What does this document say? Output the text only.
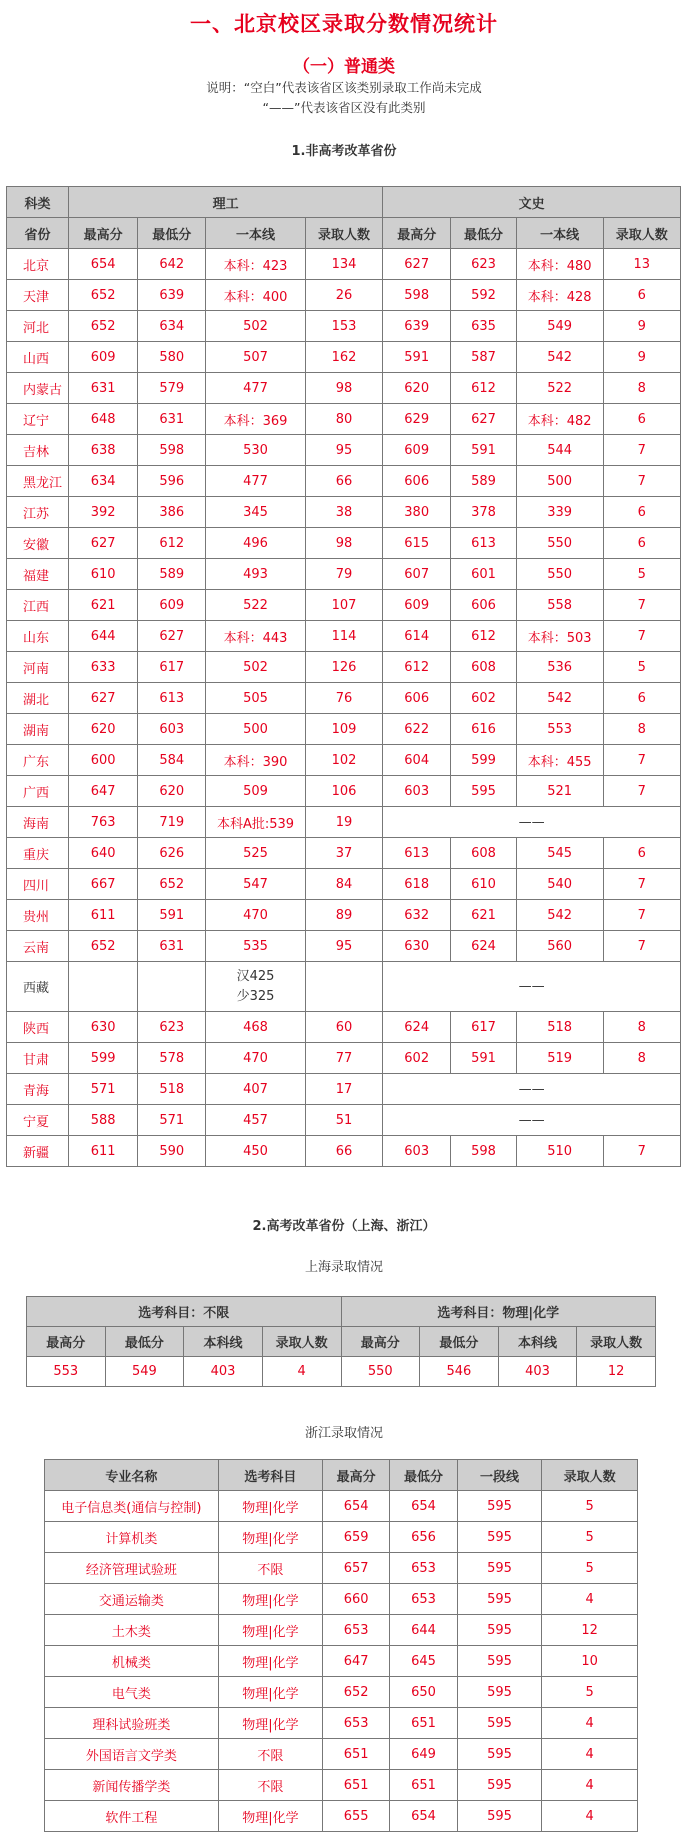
一、北京校区录取分数情况统计
（一）普通类
说明：“空白”代表该省区该类别录取工作尚未完成
“——”代表该省区没有此类别
1.非高考改革省份
科类	理工				文史			
省份	最高分	最低分	一本线	录取人数	最高分	最低分	一本线	录取人数
北京	654	642	本科：423	134	627	623	本科：480	13
天津	652	639	本科：400	26	598	592	本科：428	6
河北	652	634	502	153	639	635	549	9
山西	609	580	507	162	591	587	542	9
内蒙古	631	579	477	98	620	612	522	8
辽宁	648	631	本科：369	80	629	627	本科：482	6
吉林	638	598	530	95	609	591	544	7
黑龙江	634	596	477	66	606	589	500	7
江苏	392	386	345	38	380	378	339	6
安徽	627	612	496	98	615	613	550	6
福建	610	589	493	79	607	601	550	5
江西	621	609	522	107	609	606	558	7
山东	644	627	本科：443	114	614	612	本科：503	7
河南	633	617	502	126	612	608	536	5
湖北	627	613	505	76	606	602	542	6
湖南	620	603	500	109	622	616	553	8
广东	600	584	本科：390	102	604	599	本科：455	7
广西	647	620	509	106	603	595	521	7
海南	763	719	本科A批:539	19	——			
重庆	640	626	525	37	613	608	545	6
四川	667	652	547	84	618	610	540	7
贵州	611	591	470	89	632	621	542	7
云南	652	631	535	95	630	624	560	7
西藏			汉425
少325		——			
陕西	630	623	468	60	624	617	518	8
甘肃	599	578	470	77	602	591	519	8
青海	571	518	407	17	——			
宁夏	588	571	457	51	——			
新疆	611	590	450	66	603	598	510	7
2.高考改革省份（上海、浙江）
上海录取情况
选考科目：不限				选考科目：物理|化学			
最高分	最低分	本科线	录取人数	最高分	最低分	本科线	录取人数
553	549	403	4	550	546	403	12
浙江录取情况
专业名称	选考科目	最高分	最低分	一段线	录取人数
电子信息类(通信与控制)	物理|化学	654	654	595	5
计算机类	物理|化学	659	656	595	5
经济管理试验班	不限	657	653	595	5
交通运输类	物理|化学	660	653	595	4
土木类	物理|化学	653	644	595	12
机械类	物理|化学	647	645	595	10
电气类	物理|化学	652	650	595	5
理科试验班类	物理|化学	653	651	595	4
外国语言文学类	不限	651	649	595	4
新闻传播学类	不限	651	651	595	4
软件工程	物理|化学	655	654	595	4
